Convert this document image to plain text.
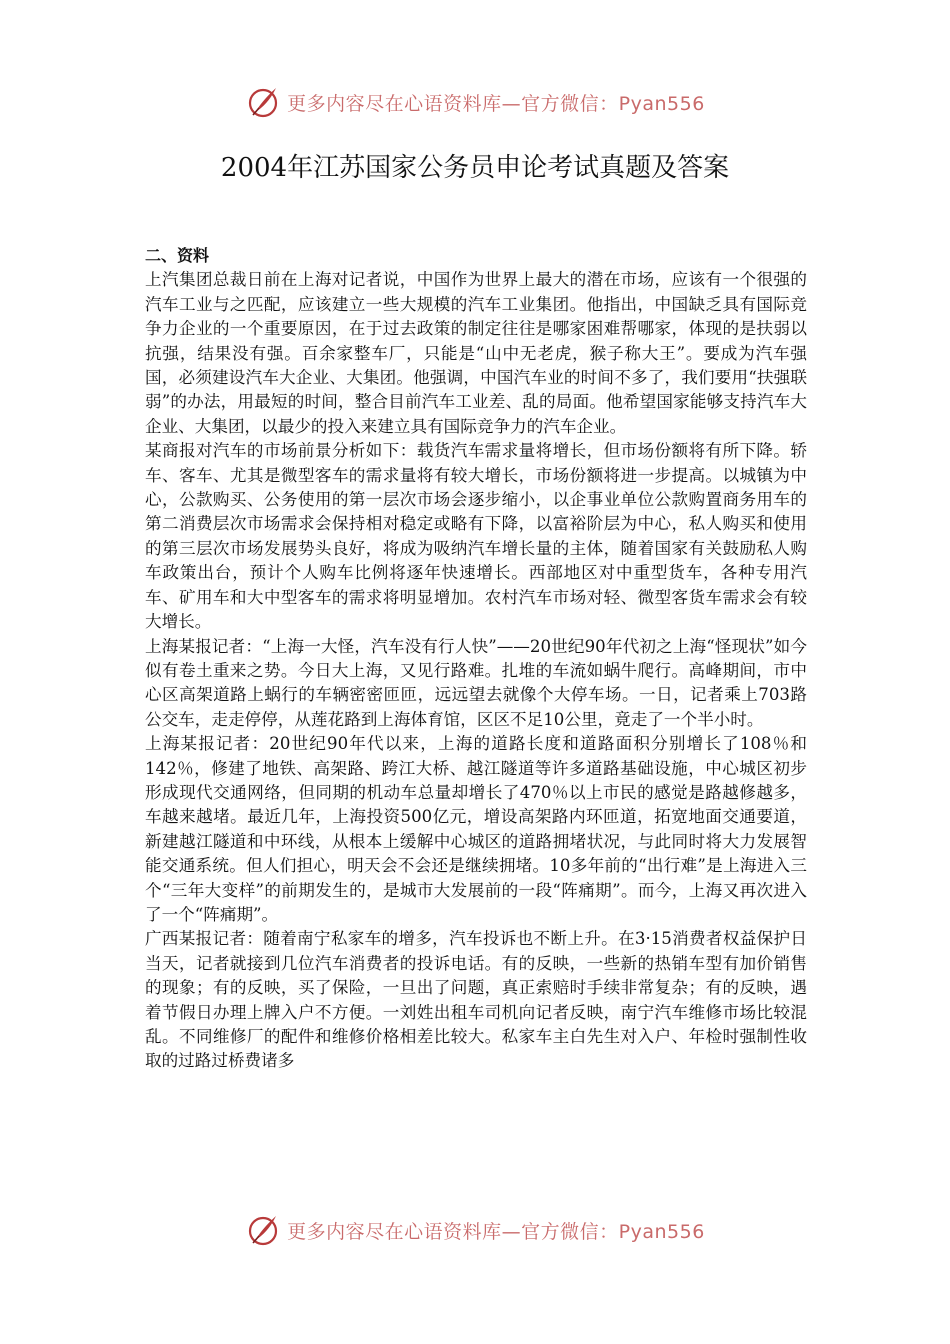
更多内容尽在心语资料库—官方微信：Pyan556
2004年江苏国家公务员申论考试真题及答案

二、资料

上汽集团总裁日前在上海对记者说，中国作为世界上最大的潜在市场，应该有一个很强的汽车工业与之匹配，应该建立一些大规模的汽车工业集团。他指出，中国缺乏具有国际竞争力企业的一个重要原因，在于过去政策的制定往往是哪家困难帮哪家，体现的是扶弱以抗强，结果没有强。百余家整车厂，只能是“山中无老虎，猴子称大王”。要成为汽车强国，必须建设汽车大企业、大集团。他强调，中国汽车业的时间不多了，我们要用“扶强联弱”的办法，用最短的时间，整合目前汽车工业差、乱的局面。他希望国家能够支持汽车大企业、大集团，以最少的投入来建立具有国际竞争力的汽车企业。

某商报对汽车的市场前景分析如下：载货汽车需求量将增长，但市场份额将有所下降。轿车、客车、尤其是微型客车的需求量将有较大增长，市场份额将进一步提高。以城镇为中心，公款购买、公务使用的第一层次市场会逐步缩小，以企事业单位公款购置商务用车的第二消费层次市场需求会保持相对稳定或略有下降，以富裕阶层为中心，私人购买和使用的第三层次市场发展势头良好，将成为吸纳汽车增长量的主体，随着国家有关鼓励私人购车政策出台，预计个人购车比例将逐年快速增长。西部地区对中重型货车，各种专用汽车、矿用车和大中型客车的需求将明显增加。农村汽车市场对轻、微型客货车需求会有较大增长。

上海某报记者：“上海一大怪，汽车没有行人快”——20世纪90年代初之上海“怪现状”如今似有卷土重来之势。今日大上海，又见行路难。扎堆的车流如蜗牛爬行。高峰期间，市中心区高架道路上蜗行的车辆密密匝匝，远远望去就像个大停车场。一日，记者乘上703路公交车，走走停停，从莲花路到上海体育馆，区区不足10公里，竟走了一个半小时。

上海某报记者：20世纪90年代以来，上海的道路长度和道路面积分别增长了108％和142％，修建了地铁、高架路、跨江大桥、越江隧道等许多道路基础设施，中心城区初步形成现代交通网络，但同期的机动车总量却增长了470％以上市民的感觉是路越修越多，车越来越堵。最近几年，上海投资500亿元，增设高架路内环匝道，拓宽地面交通要道，新建越江隧道和中环线，从根本上缓解中心城区的道路拥堵状况，与此同时将大力发展智能交通系统。但人们担心，明天会不会还是继续拥堵。10多年前的“出行难”是上海进入三个“三年大变样”的前期发生的，是城市大发展前的一段“阵痛期”。而今，上海又再次进入了一个“阵痛期”。

广西某报记者：随着南宁私家车的增多，汽车投诉也不断上升。在3·15消费者权益保护日当天，记者就接到几位汽车消费者的投诉电话。有的反映，一些新的热销车型有加价销售的现象；有的反映，买了保险，一旦出了问题，真正索赔时手续非常复杂；有的反映，遇着节假日办理上牌入户不方便。一刘姓出租车司机向记者反映，南宁汽车维修市场比较混乱。不同维修厂的配件和维修价格相差比较大。私家车主白先生对入户、年检时强制性收取的过路过桥费诸多

更多内容尽在心语资料库—官方微信：Pyan556
